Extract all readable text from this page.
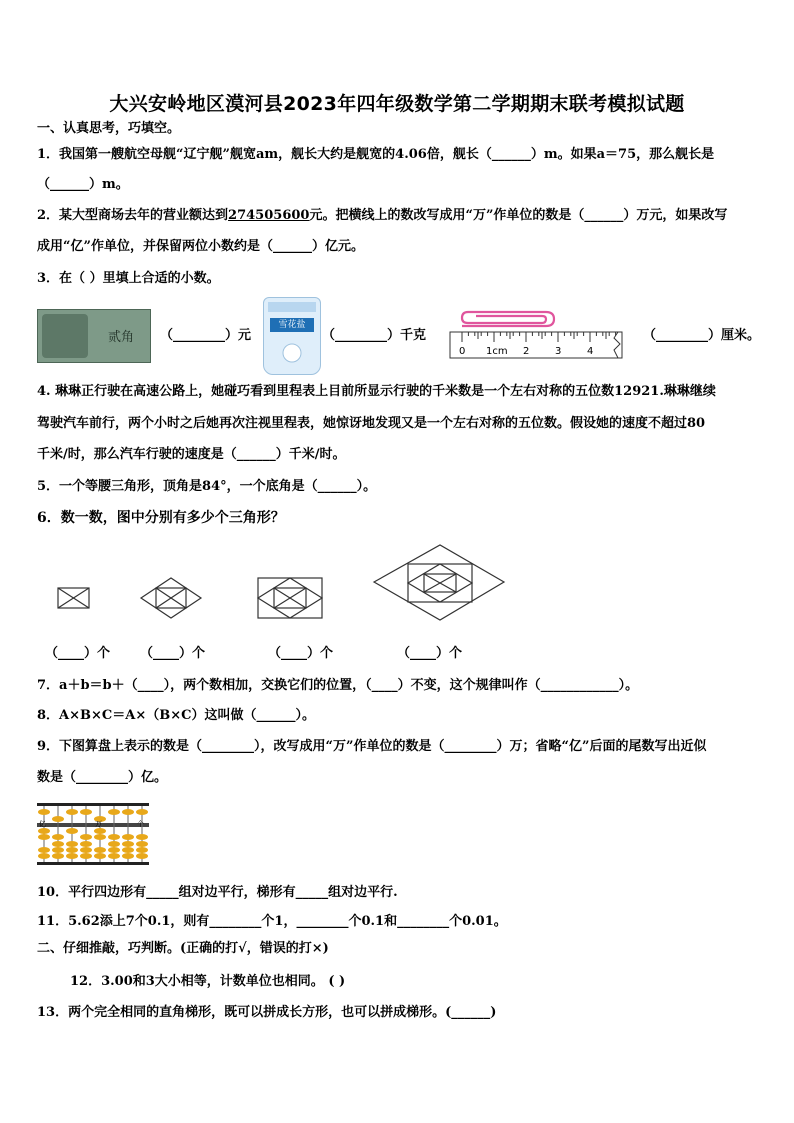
大兴安岭地区漠河县2023年四年级数学第二学期期末联考模拟试题
一、认真思考，巧填空。
1．我国第一艘航空母舰“辽宁舰”舰宽am，舰长大约是舰宽的4.06倍，舰长（______）m。如果a＝75，那么舰长是
（______）m。
2．某大型商场去年的营业额达到274505600元。把横线上的数改写成用“万”作单位的数是（______）万元，如果改写
成用“亿”作单位，并保留两位小数约是（______）亿元。
3．在（ ）里填上合适的小数。
贰角 （________）元
雪花盐
（________）千克
0 1cm 2	3	4
（________）厘米。
4. 琳琳正行驶在高速公路上，她碰巧看到里程表上目前所显示行驶的千米数是一个左右对称的五位数12921.琳琳继续
驾驶汽车前行，两个小时之后她再次注视里程表，她惊讶地发现又是一个左右对称的五位数。假设她的速度不超过80
千米/时，那么汽车行驶的速度是（______）千米/时。
5．一个等腰三角形，顶角是84°，一个底角是（______）。
6．数一数，图中分别有多少个三角形？
（____）个 （____）个	（____）个	（____）个
7．a＋b＝b＋（____），两个数相加，交换它们的位置，（____）不变，这个规律叫作（____________）。
8．A×B×C＝A×（B×C）这叫做（______）。
9．下图算盘上表示的数是（________），改写成用“万”作单位的数是（________）万；省略“亿”后面的尾数写出近似
数是（________）亿。
亿	万	个
10．平行四边形有_____组对边平行，梯形有_____组对边平行.
11．5.62添上7个0.1，则有________个1，________个0.1和________个0.01。
二、仔细推敲，巧判断。(正确的打√，错误的打×)
12．3.00和3大小相等，计数单位也相同。 ( )
13．两个完全相同的直角梯形，既可以拼成长方形，也可以拼成梯形。(______)
